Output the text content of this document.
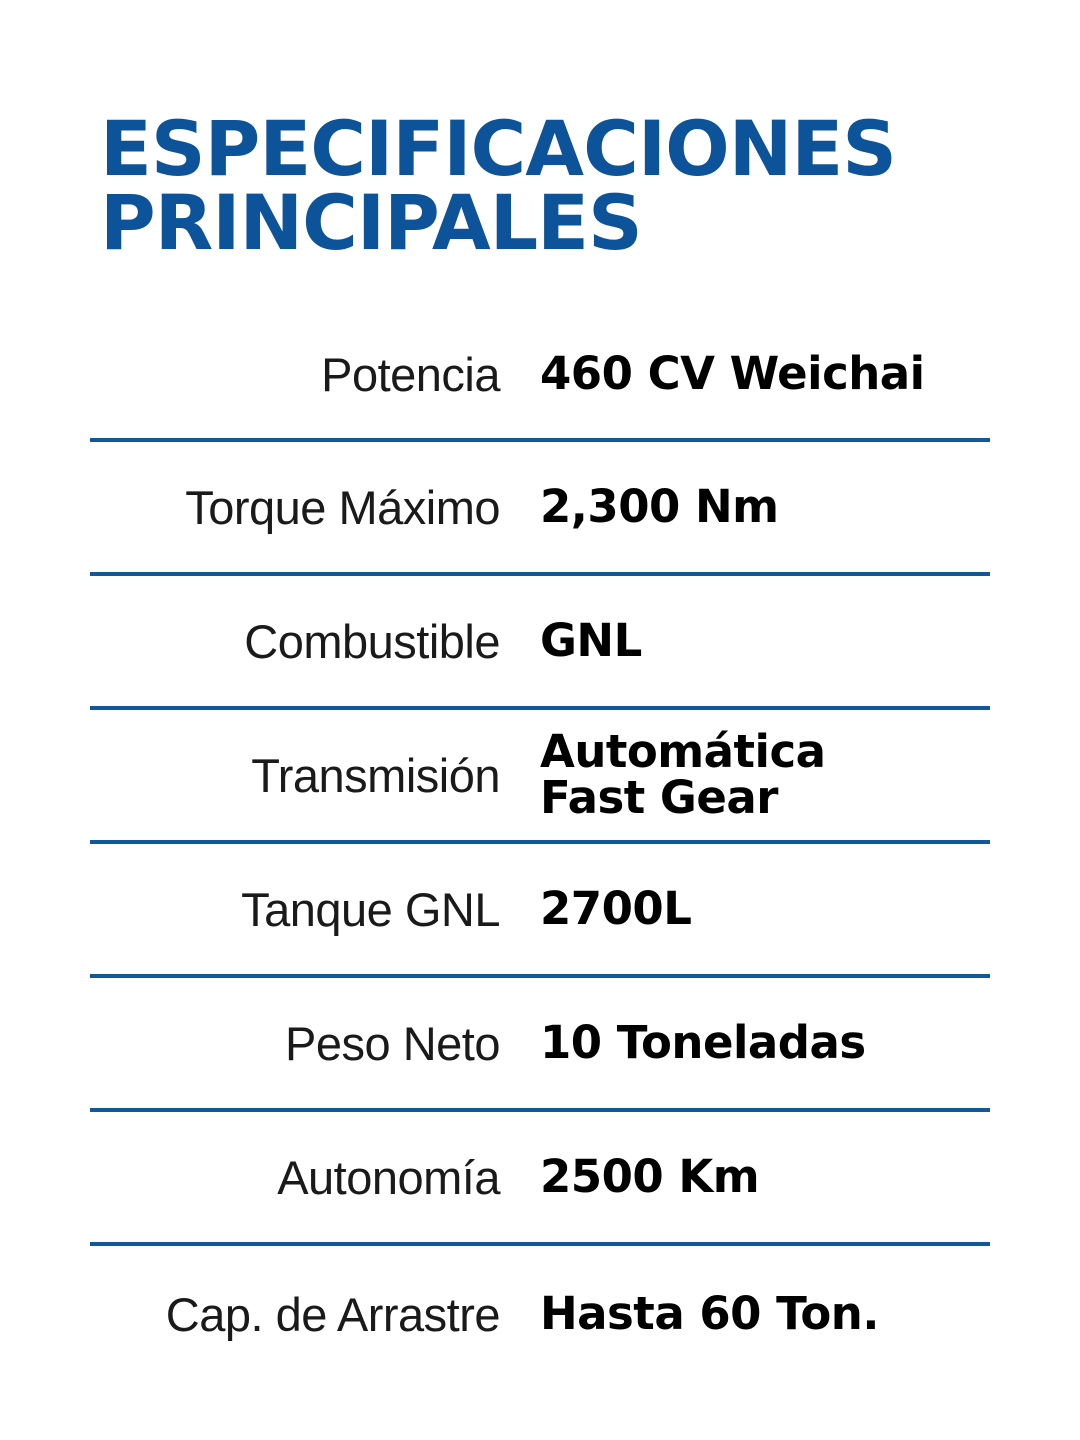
ESPECIFICACIONES
PRINCIPALES
Potencia 460 CV Weichai
Torque Máximo 2,300 Nm
Combustible GNL
Transmisión Automática
Fast Gear
Tanque GNL 2700L
Peso Neto 10 Toneladas
Autonomía 2500 Km
Cap. de Arrastre Hasta 60 Ton.
